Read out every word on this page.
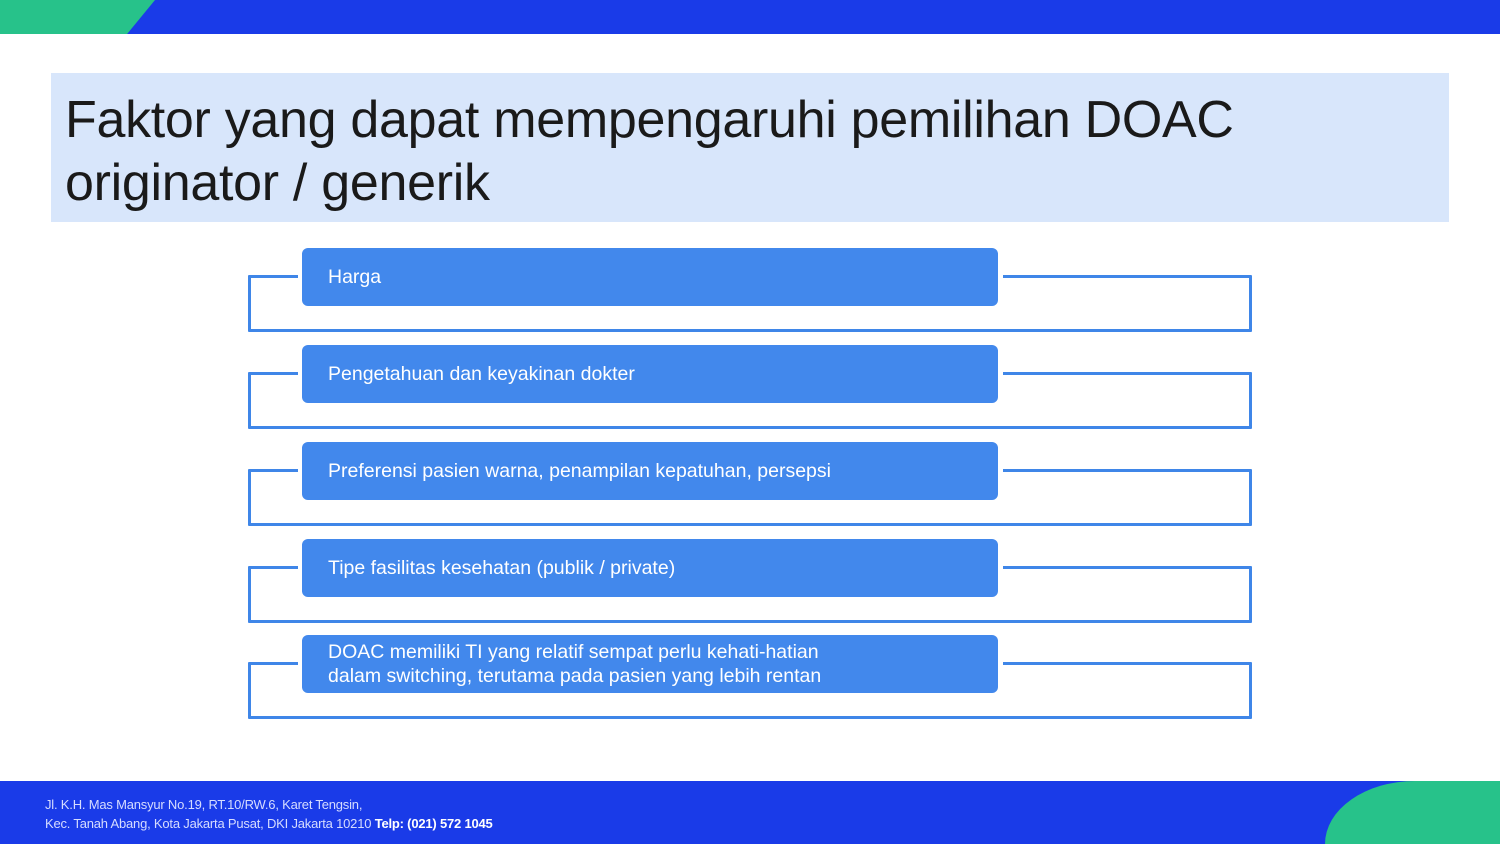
Faktor yang dapat mempengaruhi pemilihan DOAC
originator / generik
Harga
Pengetahuan dan keyakinan dokter
Preferensi pasien warna, penampilan kepatuhan, persepsi
Tipe fasilitas kesehatan (publik / private)
DOAC memiliki TI yang relatif sempat perlu kehati-hatian
dalam switching, terutama pada pasien yang lebih rentan
Jl. K.H. Mas Mansyur No.19, RT.10/RW.6, Karet Tengsin,
Kec. Tanah Abang, Kota Jakarta Pusat, DKI Jakarta 10210 Telp: (021) 572 1045
